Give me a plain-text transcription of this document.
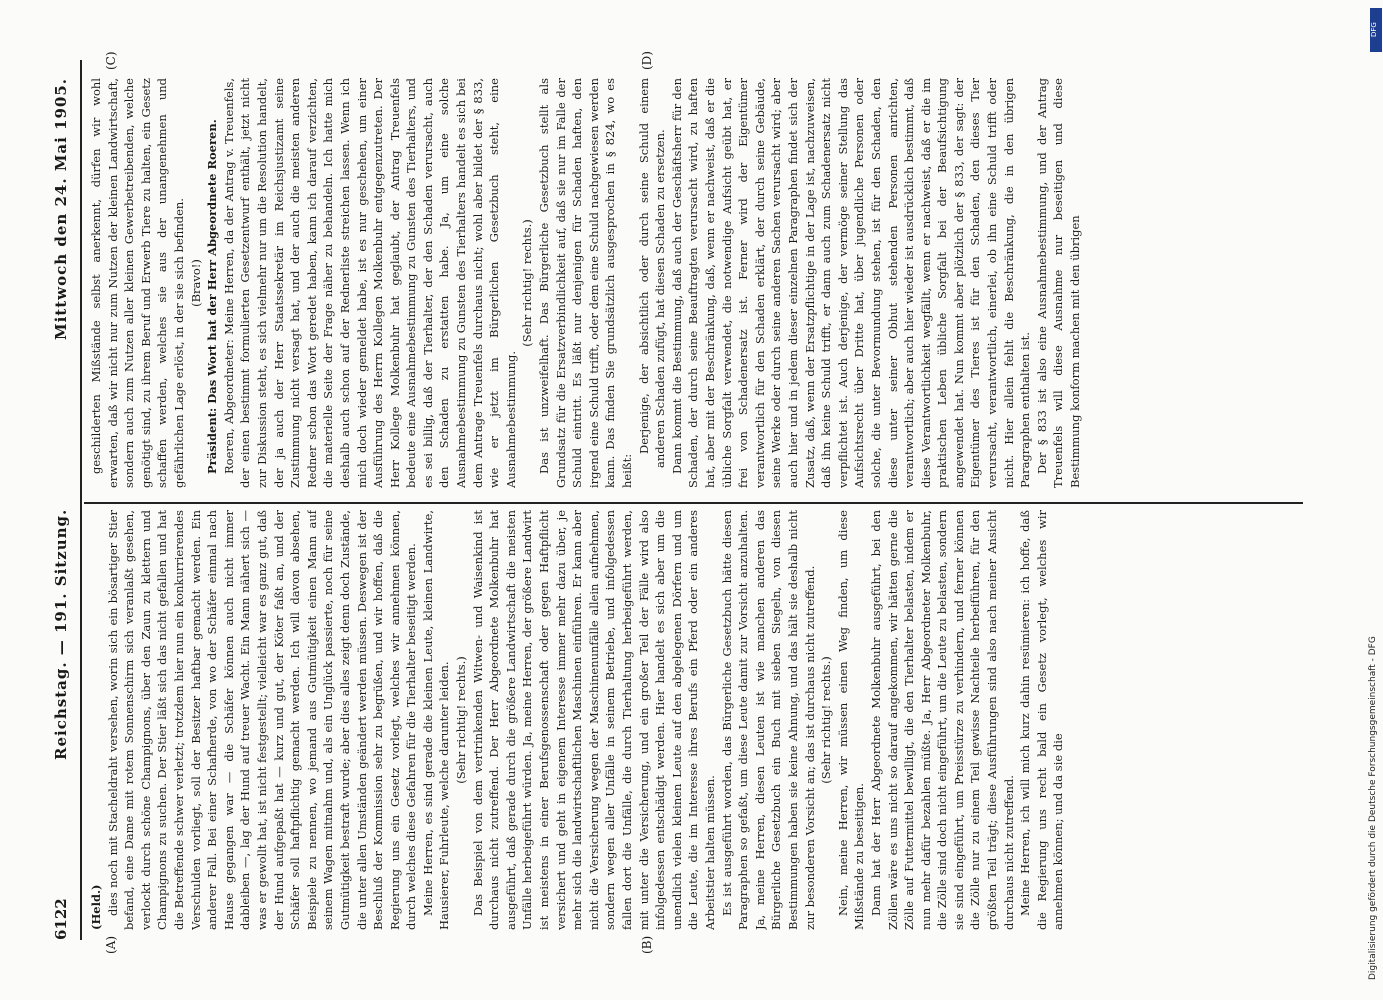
6122
Reichstag. — 191. Sitzung.
Mittwoch den 24. Mai 1905.
(A)	(B)
(C)	(D)

(Held.) dies noch mit Stacheldraht versehen, worin sich ein bösartiger Stier befand, eine Dame mit rotem Sonnenschirm sich veranlaßt gesehen, verlockt durch schöne Champignons, über den Zaun zu klettern und Champignons zu suchen. Der Stier läßt sich das nicht gefallen und hat die Betreffende schwer verletzt; trotzdem hier nun ein konkurrierendes Verschulden vorliegt, soll der Besitzer haftbar gemacht werden. Ein anderer Fall. Bei einer Schafherde, von wo der Schäfer einmal nach Hause gegangen war — die Schäfer können auch nicht immer dableiben —, lag der Hund auf treuer Wacht. Ein Mann nähert sich — was er gewollt hat, ist nicht festgestellt; vielleicht war es ganz gut, daß der Hund aufgepaßt hat — kurz und gut, der Köter faßt an, und der Schäfer soll haftpflichtig gemacht werden. Ich will davon absehen, Beispiele zu nennen, wo jemand aus Gutmütigkeit einen Mann auf seinem Wagen mitnahm und, als ein Unglück passierte, noch für seine Gutmütigkeit bestraft wurde; aber dies alles zeigt denn doch Zustände, die unter allen Umständen geändert werden müssen. Deswegen ist der Beschluß der Kommission sehr zu begrüßen, und wir hoffen, daß die Regierung uns ein Gesetz vorlegt, welches wir annehmen können, durch welches diese Gefahren für die Tierhalter beseitigt werden. Meine Herren, es sind gerade die kleinen Leute, kleinen Landwirte, Hausierer, Fuhrleute, welche darunter leiden. (Sehr richtig! rechts.) Das Beispiel von dem vertrinkenden Witwen- und Waisenkind ist durchaus nicht zutreffend. Der Herr Abgeordnete Molkenbuhr hat ausgeführt, daß gerade durch die größere Landwirtschaft die meisten Unfälle herbeigeführt würden. Ja, meine Herren, der größere Landwirt ist meistens in einer Berufsgenossenschaft oder gegen Haftpflicht versichert und geht in eigenem Interesse immer mehr dazu über, je mehr sich die landwirtschaftlichen Maschinen einführen. Er kann aber nicht die Versicherung wegen der Maschinenunfälle allein aufnehmen, sondern wegen aller Unfälle in seinem Betriebe, und infolgedessen fallen dort die Unfälle, die durch Tierhaltung herbeigeführt werden, mit unter die Versicherung, und ein großer Teil der Fälle wird also infolgedessen entschädigt werden. Hier handelt es sich aber um die unendlich vielen kleinen Leute auf den abgelegenen Dörfern und um die Leute, die im Interesse ihres Berufs ein Pferd oder ein anderes Arbeitstier halten müssen. Es ist ausgeführt worden, das Bürgerliche Gesetzbuch hätte diesen Paragraphen so gefaßt, um diese Leute damit zur Vorsicht anzuhalten. Ja, meine Herren, diesen Leuten ist wie manchen anderen das Bürgerliche Gesetzbuch ein Buch mit sieben Siegeln, von diesen Bestimmungen haben sie keine Ahnung, und das hält sie deshalb nicht zur besonderen Vorsicht an; das ist durchaus nicht zutreffend. (Sehr richtig! rechts.) Nein, meine Herren, wir müssen einen Weg finden, um diese Mißstände zu beseitigen. Dann hat der Herr Abgeordnete Molkenbuhr ausgeführt, bei den Zöllen wäre es uns nicht so darauf angekommen, wir hätten gerne die Zölle auf Futtermittel bewilligt, die den Tierhalter belasten, indem er nun mehr dafür bezahlen müßte. Ja, Herr Abgeordneter Molkenbuhr, die Zölle sind doch nicht eingeführt, um die Leute zu belasten, sondern sie sind eingeführt, um Preisstürze zu verhindern, und ferner können die Zölle nur zu einem Teil gewisse Nachteile herbeiführen, für den größten Teil trägt; diese Ausführungen sind also nach meiner Ansicht durchaus nicht zutreffend. Meine Herren, ich will mich kurz dahin resümieren: ich hoffe, daß die Regierung uns recht bald ein Gesetz vorlegt, welches wir annehmen können; und da sie die

geschilderten Mißstände selbst anerkennt, dürfen wir wohl erwarten, daß wir nicht nur zum Nutzen der kleinen Landwirtschaft, sondern auch zum Nutzen aller kleinen Gewerbetreibenden, welche genötigt sind, zu ihrem Beruf und Erwerb Tiere zu halten, ein Gesetz schaffen werden, welches sie aus der unangenehmen und gefährlichen Lage erlöst, in der sie sich befinden. (Bravo!) Präsident: Das Wort hat der Herr Abgeordnete Roeren. Roeren, Abgeordneter: Meine Herren, da der Antrag v. Treuenfels, der einen bestimmt formulierten Gesetzentwurf enthält, jetzt nicht zur Diskussion steht, es sich vielmehr nur um die Resolution handelt, der ja auch der Herr Staatssekretär im Reichsjustizamt seine Zustimmung nicht versagt hat, und der auch die meisten anderen Redner schon das Wort geredet haben, kann ich darauf verzichten, die materielle Seite der Frage näher zu behandeln. Ich hatte mich deshalb auch schon auf der Rednerliste streichen lassen. Wenn ich mich doch wieder gemeldet habe, ist es nur geschehen, um einer Ausführung des Herrn Kollegen Molkenbuhr entgegenzutreten. Der Herr Kollege Molkenbuhr hat geglaubt, der Antrag Treuenfels bedeute eine Ausnahmebestimmung zu Gunsten des Tierhalters, und es sei billig, daß der Tierhalter, der den Schaden verursacht, auch den Schaden zu erstatten habe. Ja, um eine solche Ausnahmebestimmung zu Gunsten des Tierhalters handelt es sich bei dem Antrage Treuenfels durchaus nicht; wohl aber bildet der § 833, wie er jetzt im Bürgerlichen Gesetzbuch steht, eine Ausnahmebestimmung.

(Sehr richtig! rechts.) Das ist unzweifelhaft. Das Bürgerliche Gesetzbuch stellt als Grundsatz für die Ersatzverbindlichkeit auf, daß sie nur im Falle der Schuld eintritt. Es läßt nur denjenigen für Schaden haften, den irgend eine Schuld trifft, oder dem eine Schuld nachgewiesen werden kann. Das finden Sie grundsätzlich ausgesprochen in § 824, wo es heißt:

Derjenige, der absichtlich oder durch seine Schuld einem anderen Schaden zufügt, hat diesen Schaden zu ersetzen. Dann kommt die Bestimmung, daß auch der Geschäftsherr für den Schaden, der durch seine Beauftragten verursacht wird, zu haften hat, aber mit der Beschränkung, daß, wenn er nachweist, daß er die übliche Sorgfalt verwendet, die notwendige Aufsicht geübt hat, er frei von Schadenersatz ist. Ferner wird der Eigentümer verantwortlich für den Schaden erklärt, der durch seine Gebäude, seine Werke oder durch seine anderen Sachen verursacht wird; aber auch hier und in jedem dieser einzelnen Paragraphen findet sich der Zusatz, daß, wenn der Ersatzpflichtige in der Lage ist, nachzuweisen, daß ihn keine Schuld trifft, er dann auch zum Schadenersatz nicht verpflichtet ist. Auch derjenige, der vermöge seiner Stellung das Aufsichtsrecht über Dritte hat, über jugendliche Personen oder solche, die unter Bevormundung stehen, ist für den Schaden, den diese unter seiner Obhut stehenden Personen anrichten, verantwortlich; aber auch hier wieder ist ausdrücklich bestimmt, daß diese Verantwortlichkeit wegfällt, wenn er nachweist, daß er die im praktischen Leben übliche Sorgfalt bei der Beaufsichtigung angewendet hat. Nun kommt aber plötzlich der § 833, der sagt: der Eigentümer des Tieres ist für den Schaden, den dieses Tier verursacht, verantwortlich, einerlei, ob ihn eine Schuld trifft oder nicht. Hier allein fehlt die Beschränkung, die in den übrigen Paragraphen enthalten ist. Der § 833 ist also eine Ausnahmebestimmung, und der Antrag Treuenfels will diese Ausnahme nur beseitigen und diese Bestimmung konform machen mit den übrigen

DFG
Digitalisierung gefördert durch die Deutsche Forschungsgemeinschaft - DFG
